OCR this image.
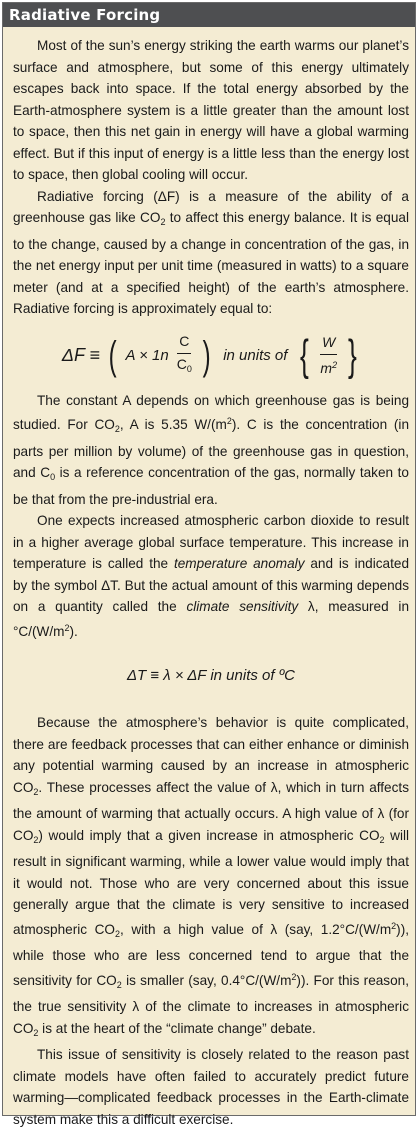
Radiative Forcing

Most of the sun’s energy striking the earth warms our planet’s surface and atmosphere, but some of this energy ultimately escapes back into space. If the total energy absorbed by the Earth-atmosphere system is a little greater than the amount lost to space, then this net gain in energy will have a global warming effect. But if this input of energy is a little less than the energy lost to space, then global cooling will occur.

Radiative forcing (ΔF) is a measure of the ability of a greenhouse gas like $CO_2$ to affect this energy balance. It is equal to the change, caused by a change in concentration of the gas, in the net energy input per unit time (measured in watts) to a square meter (and at a specified height) of the earth’s atmosphere. Radiative forcing is approximately equal to:

ΔF ≡ ( $A \times 1n \frac{C}{C_0}$ ) in units of { $\frac{W}{m^2}$ }

The constant A depends on which greenhouse gas is being studied. For $CO_2$, A is 5.35 $W/(m^2)$. C is the concentration (in parts per million by volume) of the greenhouse gas in question, and $C_0$ is a reference concentration of the gas, normally taken to be that from the pre-industrial era.

One expects increased atmospheric carbon dioxide to result in a higher average global surface temperature. This increase in temperature is called the temperature anomaly and is indicated by the symbol ΔT. But the actual amount of this warming depends on a quantity called the climate sensitivity λ, measured in $^\circ C/(W/m^2)$.

ΔT ≡ λ × ΔF in units of ºC

Because the atmosphere’s behavior is quite complicated, there are feedback processes that can either enhance or diminish any potential warming caused by an increase in atmospheric $CO_2$. These processes affect the value of λ, which in turn affects the amount of warming that actually occurs. A high value of λ (for $CO_2$) would imply that a given increase in atmospheric $CO_2$ will result in significant warming, while a lower value would imply that it would not. Those who are very concerned about this issue generally argue that the climate is very sensitive to increased atmospheric $CO_2$, with a high value of λ (say, $1.2^\circ C/(W/m^2)$), while those who are less concerned tend to argue that the sensitivity for $CO_2$ is smaller (say, $0.4^\circ C/(W/m^2)$). For this reason, the true sensitivity λ of the climate to increases in atmospheric $CO_2$ is at the heart of the “climate change” debate.

This issue of sensitivity is closely related to the reason past climate models have often failed to accurately predict future warming—complicated feedback processes in the Earth-climate system make this a difficult exercise.
